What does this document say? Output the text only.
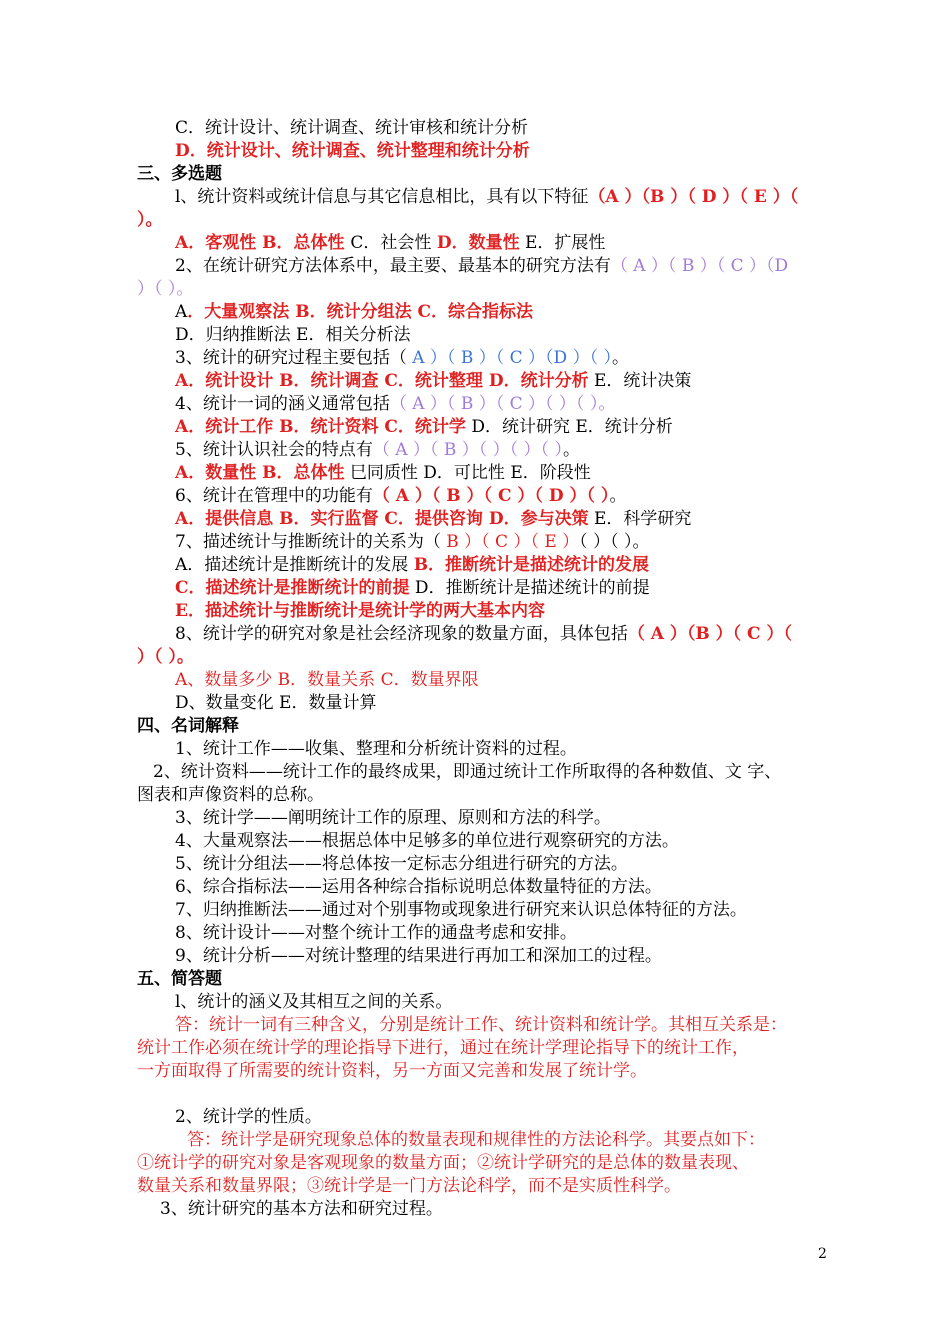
C．统计设计、统计调查、统计审核和统计分析
D．统计设计、统计调查、统计整理和统计分析
三、多选题
l、统计资料或统计信息与其它信息相比，具有以下特征（A ）（B ）（ D ）（ E ）（
）。
A．客观性 B．总体性 C．社会性 D．数量性 E．扩展性
2、在统计研究方法体系中，最主要、最基本的研究方法有（ A ）（ B ）（ C ）（D
）（ ）。
A．大量观察法 B．统计分组法 C．综合指标法
D．归纳推断法 E．相关分析法
3、统计的研究过程主要包括（ A ）（ B ）（ C ）（D ）（ ）。
A．统计设计 B．统计调查 C．统计整理 D．统计分析 E．统计决策
4、统计一词的涵义通常包括（ A ）（ B ）（ C ）（ ）（ ）。
A．统计工作 B．统计资料 C．统计学 D．统计研究 E．统计分析
5、统计认识社会的特点有（ A ）（ B ）（ ）（ ）（ ）。
A．数量性 B．总体性 巳同质性 D．可比性 E．阶段性
6、统计在管理中的功能有（ A ）（ B ）（ C ）（ D ）（ ）。
A．提供信息 B．实行监督 C．提供咨询 D．参与决策 E．科学研究
7、描述统计与推断统计的关系为（ B ）（ C ）（ E ）（ ）（ ）。
A．描述统计是推断统计的发展 B．推断统计是描述统计的发展
C．描述统计是推断统计的前提 D．推断统计是描述统计的前提
E．描述统计与推断统计是统计学的两大基本内容
8、统计学的研究对象是社会经济现象的数量方面，具体包括（ A ）（B ）（ C ）（
）（ ）。
A、数量多少 B．数量关系 C．数量界限
D、数量变化 E．数量计算
四、名词解释
1、统计工作——收集、整理和分析统计资料的过程。
2、统计资料——统计工作的最终成果，即通过统计工作所取得的各种数值、文 字、
图表和声像资料的总称。
3、统计学——阐明统计工作的原理、原则和方法的科学。
4、大量观察法——根据总体中足够多的单位进行观察研究的方法。
5、统计分组法——将总体按一定标志分组进行研究的方法。
6、综合指标法——运用各种综合指标说明总体数量特征的方法。
7、归纳推断法——通过对个别事物或现象进行研究来认识总体特征的方法。
8、统计设计——对整个统计工作的通盘考虑和安排。
9、统计分析——对统计整理的结果进行再加工和深加工的过程。
五、简答题
l、统计的涵义及其相互之间的关系。
答：统计一词有三种含义，分别是统计工作、统计资料和统计学。其相互关系是：
统计工作必须在统计学的理论指导下进行，通过在统计学理论指导下的统计工作，
一方面取得了所需要的统计资料，另一方面又完善和发展了统计学。
2、统计学的性质。
答：统计学是研究现象总体的数量表现和规律性的方法论科学。其要点如下：
①统计学的研究对象是客观现象的数量方面；②统计学研究的是总体的数量表现、
数量关系和数量界限；③统计学是一门方法论科学，而不是实质性科学。
3、统计研究的基本方法和研究过程。
2
